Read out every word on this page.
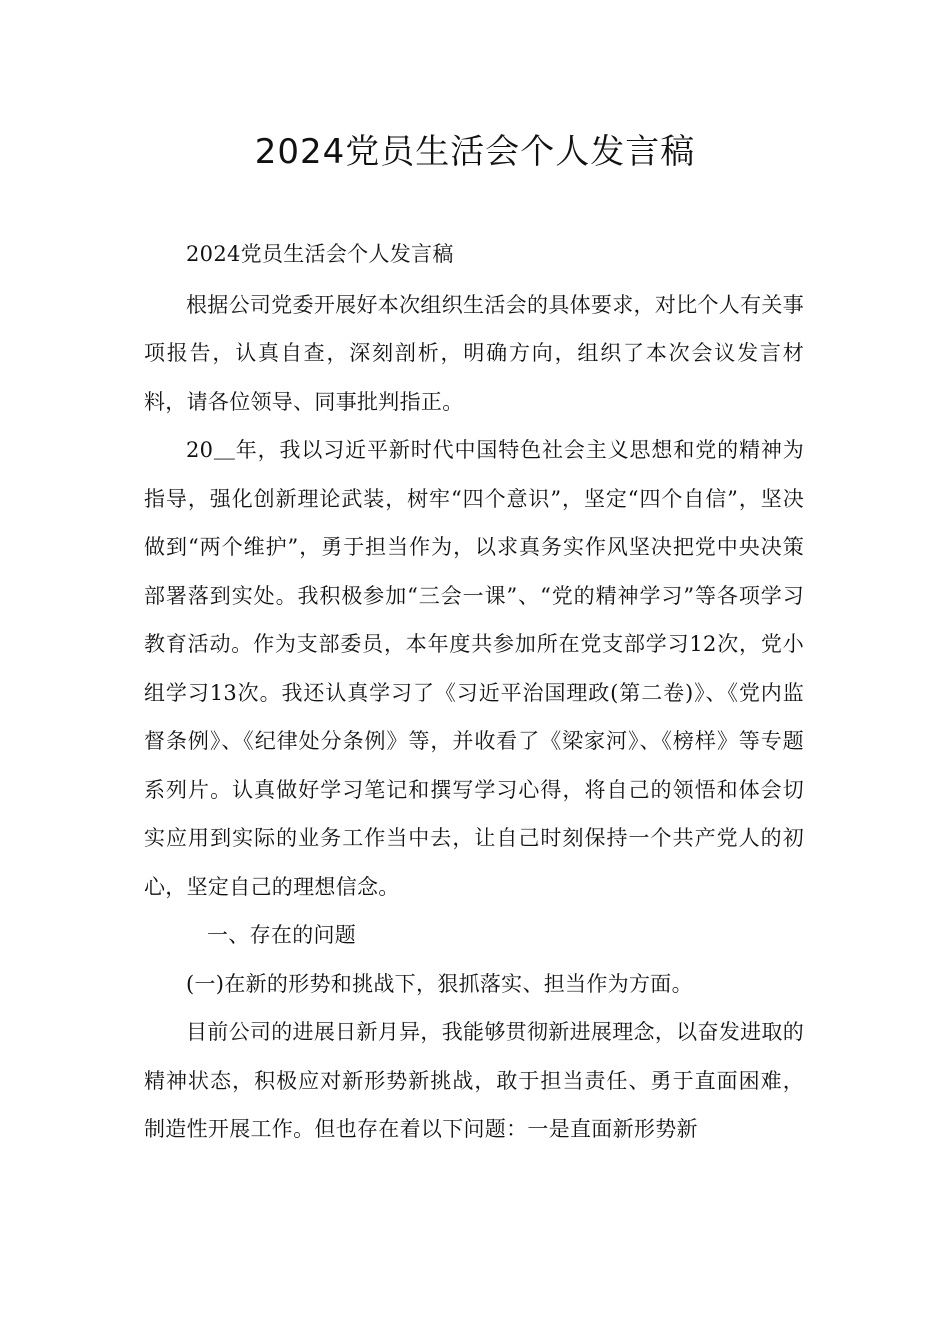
2024党员生活会个人发言稿

2024党员生活会个人发言稿

根据公司党委开展好本次组织生活会的具体要求，对比个人有关事项报告，认真自查，深刻剖析，明确方向，组织了本次会议发言材料，请各位领导、同事批判指正。

20＿年，我以习近平新时代中国特色社会主义思想和党的精神为指导，强化创新理论武装，树牢“四个意识”，坚定“四个自信”，坚决做到“两个维护”，勇于担当作为，以求真务实作风坚决把党中央决策部署落到实处。我积极参加“三会一课”、“党的精神学习”等各项学习教育活动。作为支部委员，本年度共参加所在党支部学习12次，党小组学习13次。我还认真学习了《习近平治国理政(第二卷)》、《党内监督条例》、《纪律处分条例》等，并收看了《梁家河》、《榜样》等专题系列片。认真做好学习笔记和撰写学习心得，将自己的领悟和体会切实应用到实际的业务工作当中去，让自己时刻保持一个共产党人的初心，坚定自己的理想信念。

一、存在的问题

(一)在新的形势和挑战下，狠抓落实、担当作为方面。

目前公司的进展日新月异，我能够贯彻新进展理念，以奋发进取的精神状态，积极应对新形势新挑战，敢于担当责任、勇于直面困难，制造性开展工作。但也存在着以下问题：一是直面新形势新
